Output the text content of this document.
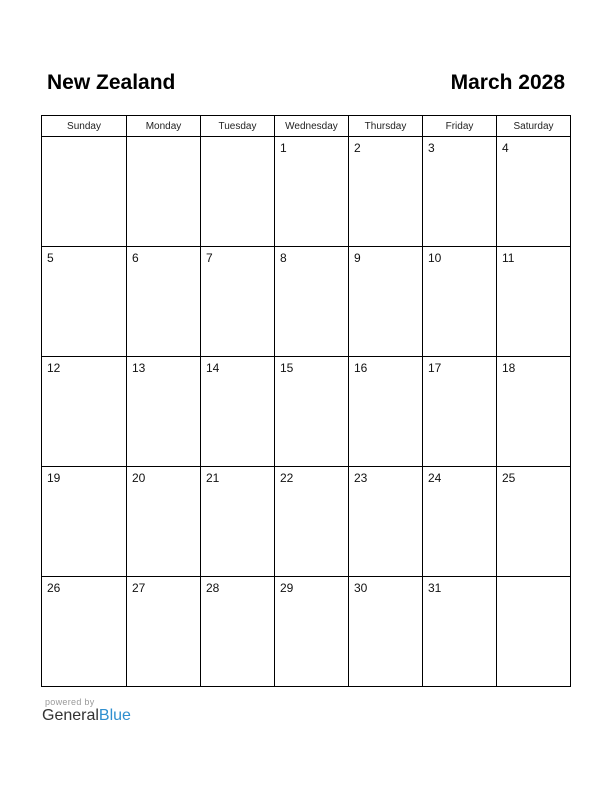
New Zealand	March 2028
Sunday	Monday	Tuesday	Wednesday	Thursday	Friday	Saturday

			1	2	3	4

5	6	7	8	9	10	11

12	13	14	15	16	17	18

19	20	21	22	23	24	25

26	27	28	29	30	31	

powered by
GeneralBlue
